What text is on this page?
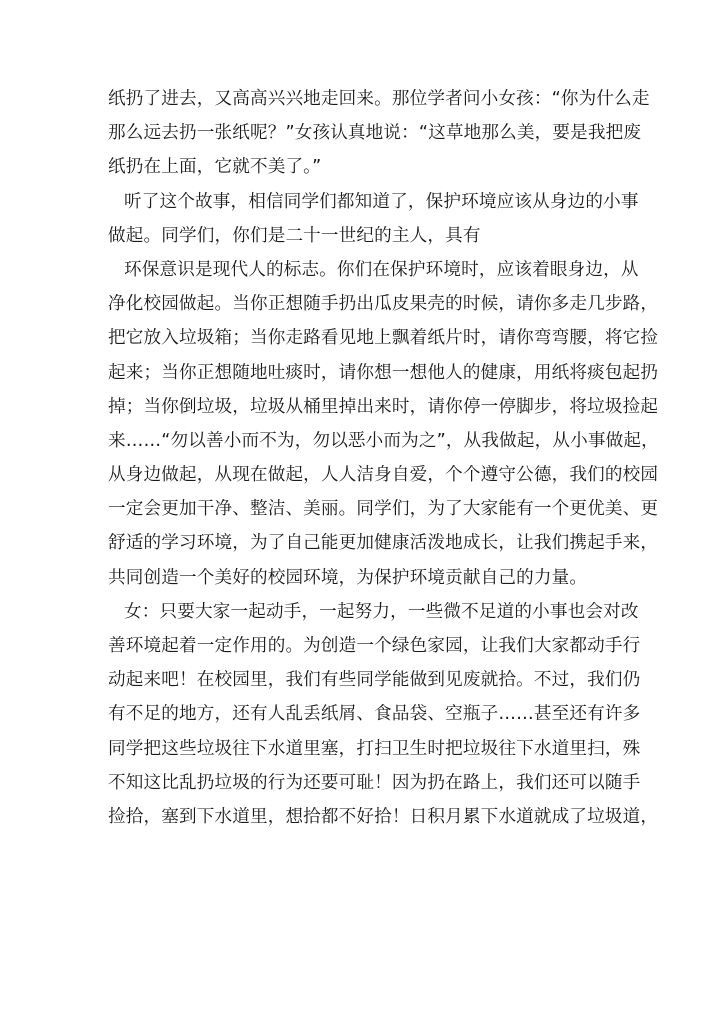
纸扔了进去，又高高兴兴地走回来。那位学者问小女孩：“你为什么走
那么远去扔一张纸呢？”女孩认真地说：“这草地那么美，要是我把废
纸扔在上面，它就不美了。”
听了这个故事，相信同学们都知道了，保护环境应该从身边的小事
做起。同学们，你们是二十一世纪的主人，具有
环保意识是现代人的标志。你们在保护环境时，应该着眼身边，从
净化校园做起。当你正想随手扔出瓜皮果壳的时候，请你多走几步路，
把它放入垃圾箱；当你走路看见地上飘着纸片时，请你弯弯腰，将它捡
起来；当你正想随地吐痰时，请你想一想他人的健康，用纸将痰包起扔
掉；当你倒垃圾，垃圾从桶里掉出来时，请你停一停脚步，将垃圾捡起
来……“勿以善小而不为，勿以恶小而为之”，从我做起，从小事做起，
从身边做起，从现在做起，人人洁身自爱，个个遵守公德，我们的校园
一定会更加干净、整洁、美丽。同学们，为了大家能有一个更优美、更
舒适的学习环境，为了自己能更加健康活泼地成长，让我们携起手来，
共同创造一个美好的校园环境，为保护环境贡献自己的力量。
女：只要大家一起动手，一起努力，一些微不足道的小事也会对改
善环境起着一定作用的。为创造一个绿色家园，让我们大家都动手行
动起来吧！在校园里，我们有些同学能做到见废就拾。不过，我们仍
有不足的地方，还有人乱丢纸屑、食品袋、空瓶子……甚至还有许多
同学把这些垃圾往下水道里塞，打扫卫生时把垃圾往下水道里扫，殊
不知这比乱扔垃圾的行为还要可耻！因为扔在路上，我们还可以随手
捡拾，塞到下水道里，想拾都不好拾！日积月累下水道就成了垃圾道，
